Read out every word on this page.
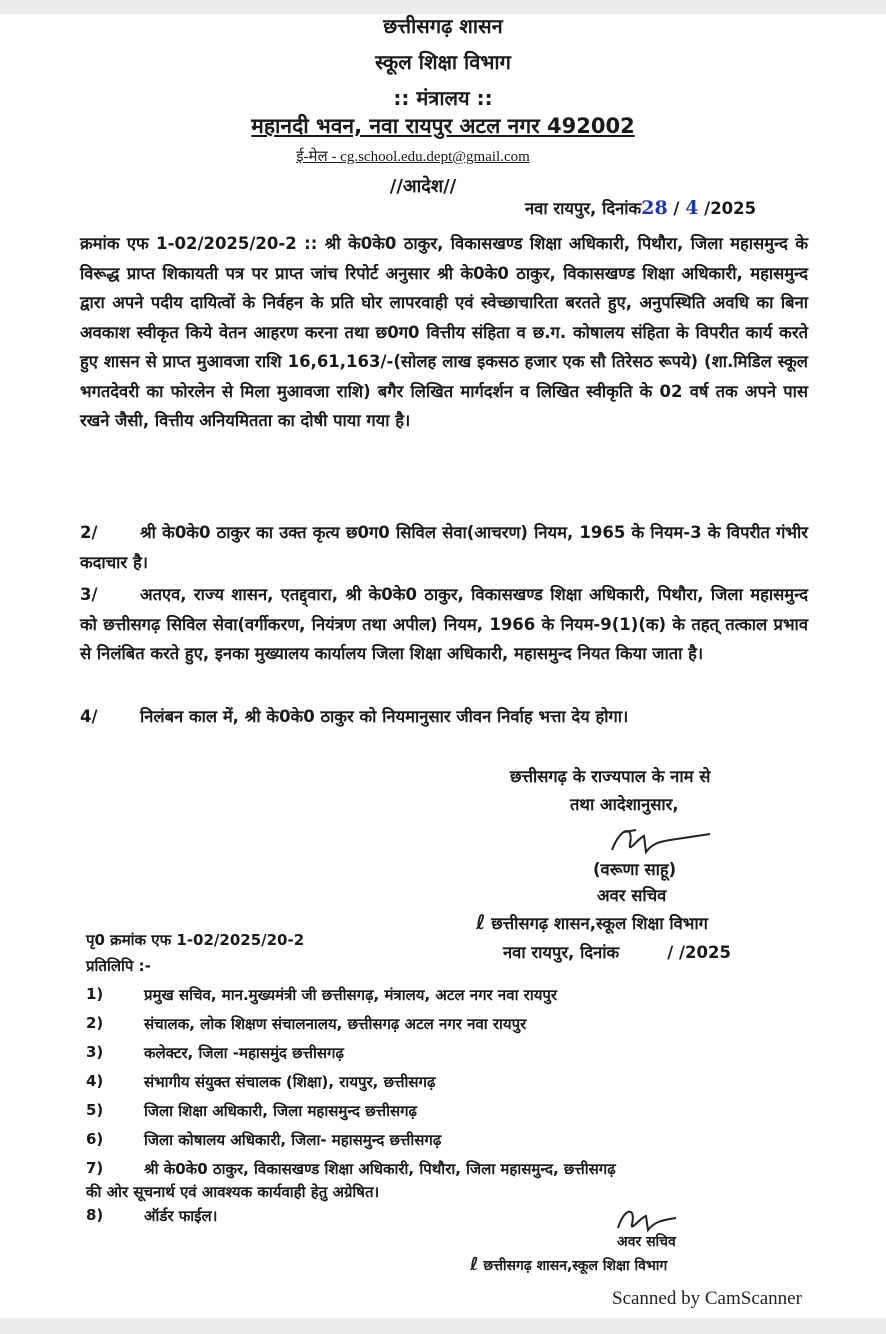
छत्तीसगढ़ शासन
स्कूल शिक्षा विभाग
:: मंत्रालय ::
महानदी भवन, नवा रायपुर अटल नगर 492002
ई-मेल - cg.school.edu.dept@gmail.com
//आदेश//
नवा रायपुर, दिनांक28 / 4 /2025
क्रमांक एफ 1-02/2025/20-2 :: श्री के0के0 ठाकुर, विकासखण्ड शिक्षा अधिकारी, पिथौरा, जिला महासमुन्द के विरूद्ध प्राप्त शिकायती पत्र पर प्राप्त जांच रिपोर्ट अनुसार श्री के0के0 ठाकुर, विकासखण्ड शिक्षा अधिकारी, महासमुन्द द्वारा अपने पदीय दायित्वों के निर्वहन के प्रति घोर लापरवाही एवं स्वेच्छाचारिता बरतते हुए, अनुपस्थिति अवधि का बिना अवकाश स्वीकृत किये वेतन आहरण करना तथा छ0ग0 वित्तीय संहिता व छ.ग. कोषालय संहिता के विपरीत कार्य करते हुए शासन से प्राप्त मुआवजा राशि 16,61,163/-(सोलह लाख इकसठ हजार एक सौ तिरेसठ रूपये) (शा.मिडिल स्कूल भगतदेवरी का फोरलेन से मिला मुआवजा राशि) बगैर लिखित मार्गदर्शन व लिखित स्वीकृति के 02 वर्ष तक अपने पास रखने जैसी, वित्तीय अनियमितता का दोषी पाया गया है।
2/	श्री के0के0 ठाकुर का उक्त कृत्य छ0ग0 सिविल सेवा(आचरण) नियम, 1965 के नियम-3 के विपरीत गंभीर कदाचार है।
3/	अतएव, राज्य शासन, एतद्द्वारा, श्री के0के0 ठाकुर, विकासखण्ड शिक्षा अधिकारी, पिथौरा, जिला महासमुन्द को छत्तीसगढ़ सिविल सेवा(वर्गीकरण, नियंत्रण तथा अपील) नियम, 1966 के नियम-9(1)(क) के तहत् तत्काल प्रभाव से निलंबित करते हुए, इनका मुख्यालय कार्यालय जिला शिक्षा अधिकारी, महासमुन्द नियत किया जाता है।
4/	निलंबन काल में, श्री के0के0 ठाकुर को नियमानुसार जीवन निर्वाह भत्ता देय होगा।
छत्तीसगढ़ के राज्यपाल के नाम से
तथा आदेशानुसार,
(वरूणा साहू)
अवर सचिव
ℓ छत्तीसगढ़ शासन,स्कूल शिक्षा विभाग
पृ0 क्रमांक एफ 1-02/2025/20-2
नवा रायपुर, दिनांक	/ /2025
प्रतिलिपि :-
1)	प्रमुख सचिव, मान.मुख्यमंत्री जी छत्तीसगढ़, मंत्रालय, अटल नगर नवा रायपुर
2)	संचालक, लोक शिक्षण संचालनालय, छत्तीसगढ़ अटल नगर नवा रायपुर
3)	कलेक्टर, जिला -महासमुंद छत्तीसगढ़
4)	संभागीय संयुक्त संचालक (शिक्षा), रायपुर, छत्तीसगढ़
5)	जिला शिक्षा अधिकारी, जिला महासमुन्द छत्तीसगढ़
6)	जिला कोषालय अधिकारी, जिला- महासमुन्द छत्तीसगढ़
7)	श्री के0के0 ठाकुर, विकासखण्ड शिक्षा अधिकारी, पिथौरा, जिला महासमुन्द, छत्तीसगढ़
की ओर सूचनार्थ एवं आवश्यक कार्यवाही हेतु अग्रेषित।
8)	ऑर्डर फाईल।
अवर सचिव
ℓ छत्तीसगढ़ शासन,स्कूल शिक्षा विभाग
Scanned by CamScanner
